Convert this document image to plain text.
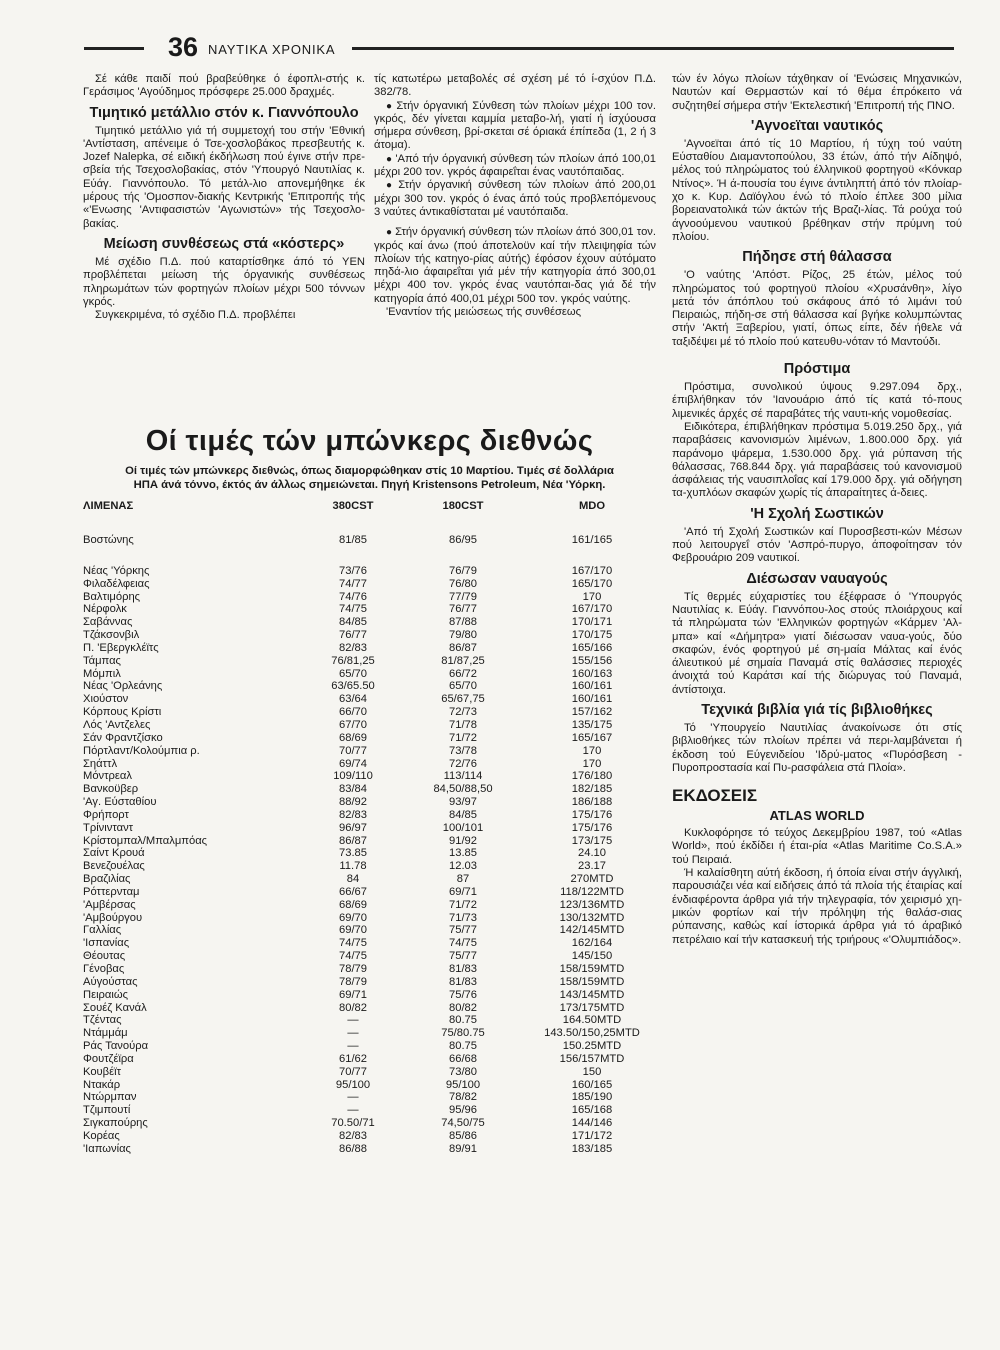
36 ΝΑΥΤΙΚΑ ΧΡΟΝΙΚΑ

Σέ κάθε παιδί πού βραβεύθηκε ό έφοπλι-στής κ. Γεράσιμος 'Αγούδημος πρόσφερε 25.000 δραχμές.

Τιμητικό μετάλλιο στόν κ. Γιαννόπουλο

Τιμητικό μετάλλιο γιά τή συμμετοχή του στήν 'Εθνική 'Αντίσταση, απένειμε ό Τσε-χοσλοβάκος πρεσβευτής κ. Jozef Nalepka, σέ ειδική έκδήλωση πού έγινε στήν πρε-σβεία τής Τσεχοσλοβακίας, στόν 'Υπουργό Ναυτιλίας κ. Εύάγ. Γιαννόπουλο. Τό μετάλ-λιο απονεμήθηκε έκ μέρους τής 'Ομοσπον-διακής Κεντρικής 'Επιτροπής τής «'Ενωσης 'Αντιφασιστών 'Αγωνιστών» τής Τσεχοσλο-βακίας.

Μείωση συνθέσεως στά «κόστερς»

Μέ σχέδιο Π.Δ. πού καταρτίσθηκε άπό τό ΥΕΝ προβλέπεται μείωση τής όργανικής συνθέσεως πληρωμάτων τών φορτηγών πλοίων μέχρι 500 τόννων γκρός.

Συγκεκριμένα, τό σχέδιο Π.Δ. προβλέπει

τίς κατωτέρω μεταβολές σέ σχέση μέ τό ί-σχύον Π.Δ. 382/78.

● Στήν όργανική Σύνθεση τών πλοίων μέχρι 100 τον. γκρός, δέν γίνεται καμμία μεταβο-λή, γιατί ή ίσχύουσα σήμερα σύνθεση, βρί-σκεται σέ όριακά έπίπεδα (1, 2 ή 3 άτομα).

● 'Από τήν όργανική σύνθεση τών πλοίων άπό 100,01 μέχρι 200 τον. γκρός άφαιρεΐται ένας ναυτόπαιδας.

● Στήν όργανική σύνθεση τών πλοίων άπό 200,01 μέχρι 300 τον. γκρός ό ένας άπό τούς προβλεπόμενους 3 ναύτες άντικαθίσταται μέ ναυτόπαιδα.

● Στήν όργανική σύνθεση τών πλοίων άπό 300,01 τον. γκρός καί άνω (πού άποτελοϋν καί τήν πλειψηφία τών πλοίων τής κατηγο-ρίας αύτής) έφόσον έχουν αύτόματο πηδά-λιο άφαιρεΐται γιά μέν τήν κατηγορία άπό 300,01 μέχρι 400 τον. γκρός ένας ναυτόπαι-δας γιά δέ τήν κατηγορία άπό 400,01 μέχρι 500 τον. γκρός ναύτης.

'Εναντίον τής μειώσεως τής συνθέσεως

τών έν λόγω πλοίων τάχθηκαν οί 'Ενώσεις Μηχανικών, Ναυτών καί Θερμαστών καί τό θέμα έπρόκειτο νά συζητηθεί σήμερα στήν 'Εκτελεστική 'Επιτροπή τής ΠΝΟ.

'Αγνοεϊται ναυτικός

'Αγνοεϊται άπό τίς 10 Μαρτίου, ή τύχη τού ναύτη Εύσταθίου Διαμαντοπούλου, 33 έτών, άπό τήν Αίδηψό, μέλος τού πληρώματος τού έλληνικοϋ φορτηγοϋ «Κόνκαρ Ντίνος». Ή ά-πουσία του έγινε άντιληπτή άπό τόν πλοίαρ-χο κ. Κυρ. Δαϊόγλου ένώ τό πλοίο έπλεε 300 μίλια βορειανατολικά τών άκτών τής Βραζι-λίας. Τά ρούχα τού άγνοούμενου ναυτικού βρέθηκαν στήν πρύμνη τού πλοίου.

Πήδησε στή θάλασσα

'Ο ναύτης 'Απόστ. Ρίζος, 25 έτών, μέλος τού πληρώματος τού φορτηγοϋ πλοίου «Χρυσάνθη», λίγο μετά τόν άπόπλου τού σκάφους άπό τό λιμάνι τού Πειραιώς, πήδη-σε στή θάλασσα καί βγήκε κολυμπώντας στήν 'Ακτή Ξαβερίου, γιατί, όπως είπε, δέν ήθελε νά ταξιδέψει μέ τό πλοίο πού κατευθυ-νόταν τό Μαντούδι.

Πρόστιμα

Πρόστιμα, συνολικού ύψους 9.297.094 δρχ., έπιβλήθηκαν τόν 'Ιανουάριο άπό τίς κατά τό-πους λιμενικές άρχές σέ παραβάτες τής ναυτι-κής νομοθεσίας.

Ειδικότερα, έπιβλήθηκαν πρόστιμα 5.019.250 δρχ., γιά παραβάσεις κανονισμών λιμένων, 1.800.000 δρχ. γιά παράνομο ψάρεμα, 1.530.000 δρχ. γιά ρύπανση τής θάλασσας, 768.844 δρχ. γιά παραβάσεις τού κανονισμοϋ άσφάλειας τής ναυσιπλοΐας καί 179.000 δρχ. γιά οδήγηση τα-χυπλόων σκαφών χωρίς τίς άπαραίτητες ά-δειες.

'Η Σχολή Σωστικών

'Από τή Σχολή Σωστικών καί Πυροσβεστι-κών Μέσων πού λειτουργεΐ στόν 'Ασπρό-πυργο, άποφοίτησαν τόν Φεβρουάριο 209 ναυτικοί.

Διέσωσαν ναυαγούς

Τίς θερμές εύχαριστίες του έξέφρασε ό 'Υπουργός Ναυτιλίας κ. Εύάγ. Γιαννόπου-λος στούς πλοιάρχους καί τά πληρώματα τών 'Ελληνικών φορτηγών «Κάρμεν 'Αλ-μπα» καί «Δήμητρα» γιατί διέσωσαν ναυα-γούς, δύο σκαφών, ένός φορτηγού μέ ση-μαία Μάλτας καί ένός άλιευτικού μέ σημαία Παναμά στίς θαλάσσιες περιοχές άνοιχτά τού Καράτσι καί τής διώρυγας τού Παναμά, άντίστοιχα.

Τεχνικά βιβλία γιά τίς βιβλιοθήκες

Τό 'Υπουργείο Ναυτιλίας άνακοίνωσε ότι στίς βιβλιοθήκες τών πλοίων πρέπει νά περι-λαμβάνεται ή έκδοση τού Εύγενιδείου 'Ιδρύ-ματος «Πυρόσβεση - Πυροπροστασία καί Πυ-ρασφάλεια στά Πλοία».

ΕΚΔΟΣΕΙΣ
ATLAS WORLD

Κυκλοφόρησε τό τεύχος Δεκεμβρίου 1987, τού «Atlas World», πού έκδίδει ή έται-ρία «Atlas Maritime Co.S.A.» τού Πειραιά.

Ή καλαίσθητη αύτή έκδοση, ή όποία είναι στήν άγγλική, παρουσιάζει νέα καί ειδήσεις άπό τά πλοία τής έταιρίας καί ένδιαφέροντα άρθρα γιά τήν τηλεγραφία, τόν χειρισμό χη-μικών φορτίων καί τήν πρόληψη τής θαλάσ-σιας ρύπανσης, καθώς καί ίστορικά άρθρα γιά τό άραβικό πετρέλαιο καί τήν κατασκευή τής τριήρους «'Ολυμπιάδος».

Οί τιμές τών μπώνκερς διεθνώς
Οί τιμές τών μπώνκερς διεθνώς, όπως διαμορφώθηκαν στίς 10 Μαρτίου. Τιμές σέ δολλάρια
ΗΠΑ άνά τόννο, έκτός άν άλλως σημειώνεται. Πηγή Kristensons Petroleum, Νέα 'Υόρκη.
ΛΙΜΕΝΑΣ	380CST	180CST	MDO
Βοστώνης	81/85	86/95	161/165
Νέας 'Υόρκης	73/76	76/79	167/170
Φιλαδέλφειας	74/77	76/80	165/170
Βαλτιμόρης	74/76	77/79	170
Νέρφολκ	74/75	76/77	167/170
Σαβάννας	84/85	87/88	170/171
Τζάκσονβιλ	76/77	79/80	170/175
Π. 'Εβεργκλέϊτς	82/83	86/87	165/166
Τάμπας	76/81,25	81/87,25	155/156
Μόμπιλ	65/70	66/72	160/163
Νέας 'Ορλεάνης	63/65.50	65/70	160/161
Χιούστον	63/64	65/67,75	160/161
Κόρπους Κρίστι	66/70	72/73	157/162
Λός 'Αντζελες	67/70	71/78	135/175
Σάν Φραντζίσκο	68/69	71/72	165/167
Πόρτλαντ/Κολούμπια ρ.	70/77	73/78	170
Σηάττλ	69/74	72/76	170
Μόντρεαλ	109/110	113/114	176/180
Βανκοϋβερ	83/84	84,50/88,50	182/185
'Αγ. Εύσταθίου	88/92	93/97	186/188
Φρήπορτ	82/83	84/85	175/176
Τρίνινταντ	96/97	100/101	175/176
Κρίστομπαλ/Μπαλμπόας	86/87	91/92	173/175
Σαίντ Κρουά	73.85	13.85	24.10
Βενεζουέλας	11.78	12.03	23.17
Βραζιλίας	84	87	270MTD
Ρόττερνταμ	66/67	69/71	118/122MTD
'Αμβέρσας	68/69	71/72	123/136MTD
'Αμβούργου	69/70	71/73	130/132MTD
Γαλλίας	69/70	75/77	142/145MTD
'Ισπανίας	74/75	74/75	162/164
Θέουτας	74/75	75/77	145/150
Γένοβας	78/79	81/83	158/159MTD
Αύγούστας	78/79	81/83	158/159MTD
Πειραιώς	69/71	75/76	143/145MTD
Σουέζ Κανάλ	80/82	80/82	173/175MTD
Τζέντας	—	80.75	164.50MTD
Ντάμμάμ	—	75/80.75	143.50/150,25MTD
Ράς Τανούρα	—	80.75	150.25MTD
Φουτζέϊρα	61/62	66/68	156/157MTD
Κουβέϊτ	70/77	73/80	150
Ντακάρ	95/100	95/100	160/165
Ντώρμπαν	—	78/82	185/190
Τζιμπουτί	—	95/96	165/168
Σιγκαπούρης	70.50/71	74,50/75	144/146
Κορέας	82/83	85/86	171/172
'Ιαπωνίας	86/88	89/91	183/185
